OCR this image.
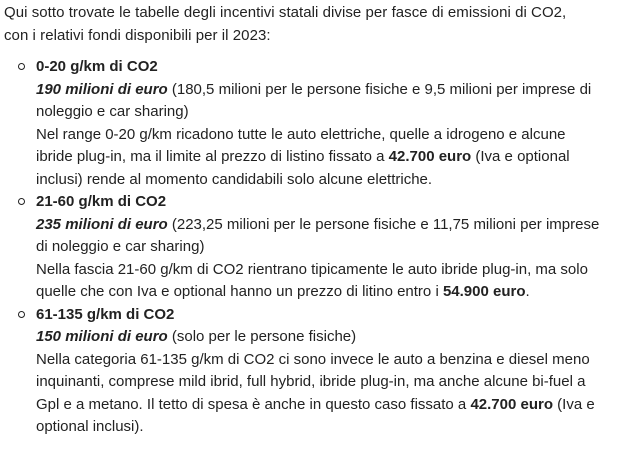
Qui sotto trovate le tabelle degli incentivi statali divise per fasce di emissioni di CO2,
con i relativi fondi disponibili per il 2023:

0-20 g/km di CO2
190 milioni di euro (180,5 milioni per le persone fisiche e 9,5 milioni per imprese di
noleggio e car sharing)
Nel range 0-20 g/km ricadono tutte le auto elettriche, quelle a idrogeno e alcune
ibride plug-in, ma il limite al prezzo di listino fissato a 42.700 euro (Iva e optional
inclusi) rende al momento candidabili solo alcune elettriche.
21-60 g/km di CO2
235 milioni di euro (223,25 milioni per le persone fisiche e 11,75 milioni per imprese
di noleggio e car sharing)
Nella fascia 21-60 g/km di CO2 rientrano tipicamente le auto ibride plug-in, ma solo
quelle che con Iva e optional hanno un prezzo di litino entro i 54.900 euro.
61-135 g/km di CO2
150 milioni di euro (solo per le persone fisiche)
Nella categoria 61-135 g/km di CO2 ci sono invece le auto a benzina e diesel meno
inquinanti, comprese mild ibrid, full hybrid, ibride plug-in, ma anche alcune bi-fuel a
Gpl e a metano. Il tetto di spesa è anche in questo caso fissato a 42.700 euro (Iva e
optional inclusi).
